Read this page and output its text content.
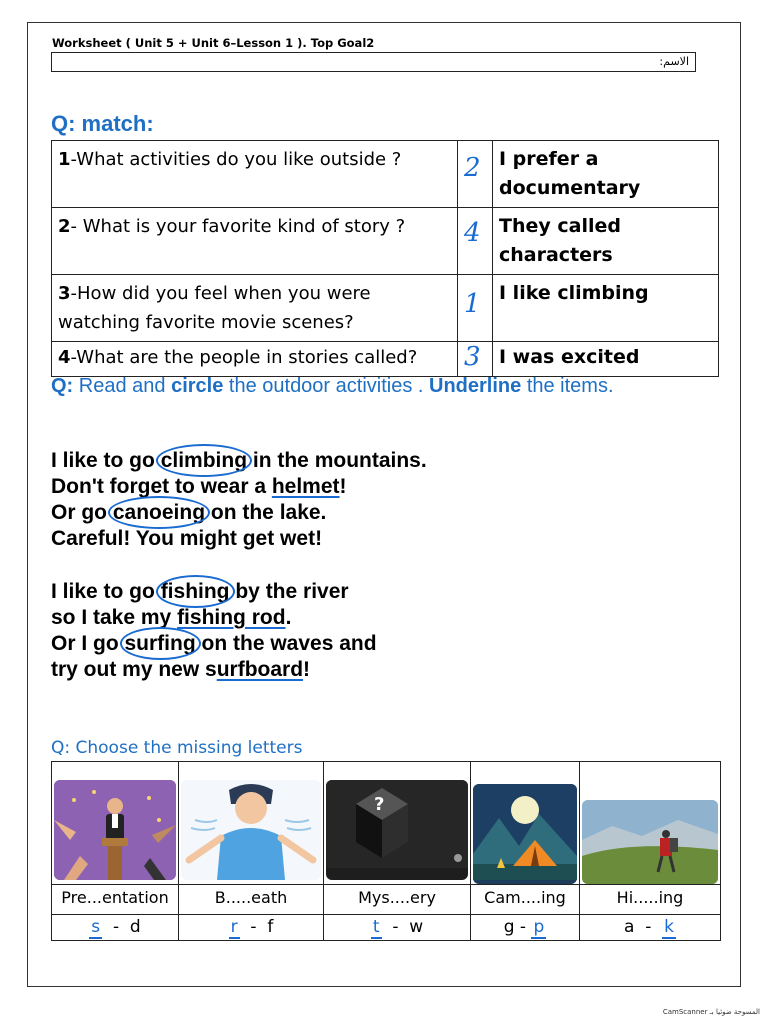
Worksheet ( Unit 5 + Unit 6–Lesson 1 ). Top Goal2
الاسم:
Q: match:
1-What activities do you like outside ?	2	I prefer a documentary
2- What is your favorite kind of story ?	4	They called characters
3-How did you feel when you were watching favorite movie scenes?	1	I like climbing
4-What are the people in stories called?	3	I was excited
Q: Read and circle the outdoor activities . Underline the items.
I like to go climbing in the mountains.
Don't forget to wear a helmet!
Or go canoeing on the lake.
Careful! You might get wet!
I like to go fishing by the river
so I take my fishing rod.
Or I go surfing on the waves and
try out my new surfboard!
Q: Choose the missing letters

?

Pre...entation	B.....eath	Mys....ery	Cam....ing	Hi.....ing
s - d	r - f	t - w	g - p	a - k
CamScanner المسوحة ضوئيا بـ
